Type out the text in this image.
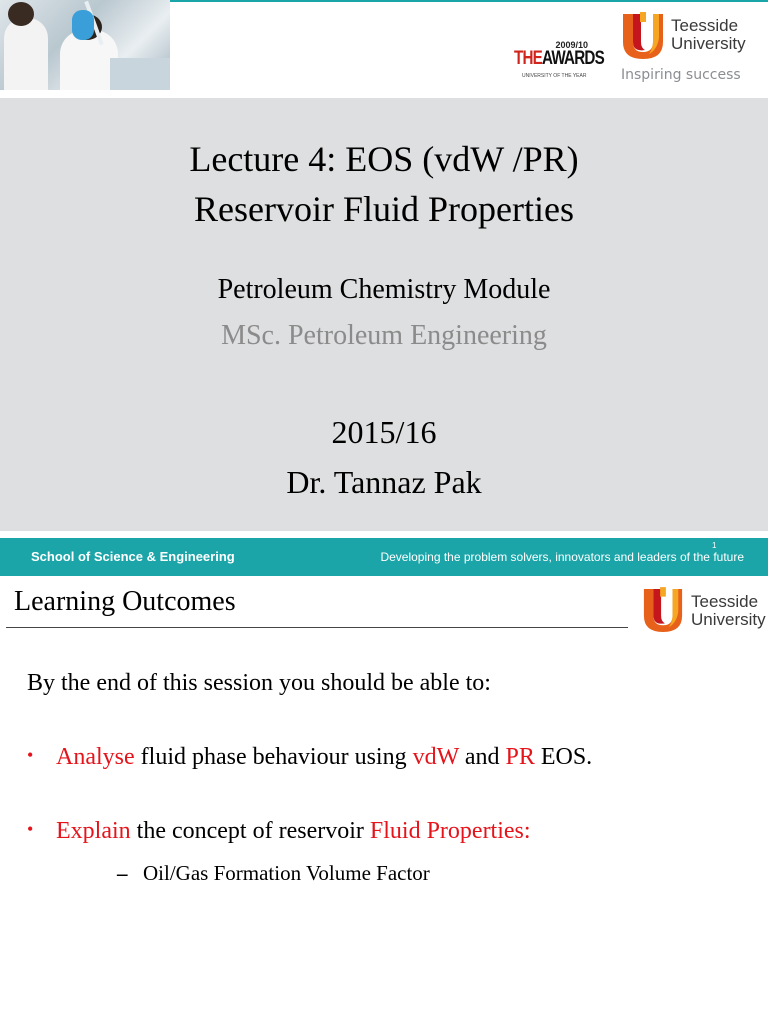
2009/10
THEAWARDS
UNIVERSITY OF THE YEAR
Teesside
University
Inspiring success
Lecture 4: EOS (vdW /PR)
Reservoir Fluid Properties
Petroleum Chemistry Module
MSc. Petroleum Engineering
2015/16
Dr. Tannaz Pak
School of Science & Engineering
1
Developing the problem solvers, innovators and leaders of the future
Learning Outcomes	Teesside
University
By the end of this session you should be able to:
• Analyse fluid phase behaviour using vdW and PR EOS.
• Explain the concept of reservoir Fluid Properties:
– Oil/Gas Formation Volume Factor
